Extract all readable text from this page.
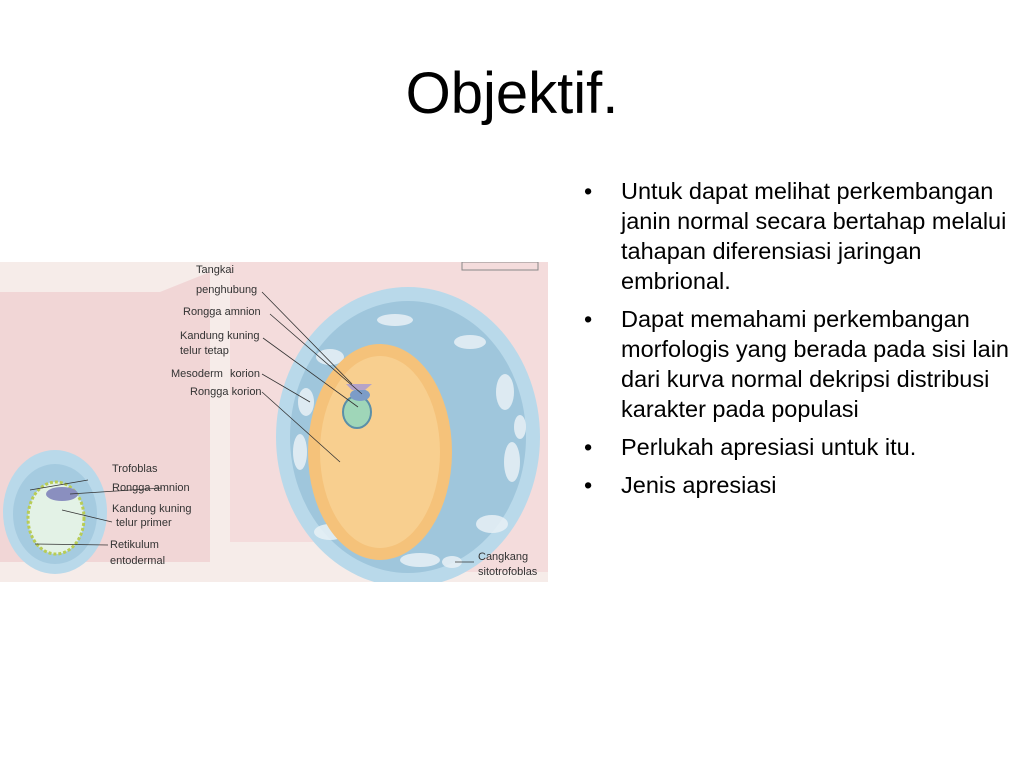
Objektif.
Tangkai
penghubung
Rongga amnion
Kandung kuning
telur tetap
Mesoderm korion
Rongga korion
Trofoblas
Rongga amnion
Kandung kuning
telur primer
Retikulum
entodermal	Cangkang
sitotrofoblas
• Untuk dapat melihat perkembangan janin normal secara bertahap melalui tahapan diferensiasi jaringan embrional.
• Dapat memahami perkembangan morfologis yang berada pada sisi lain dari kurva normal dekripsi distribusi karakter pada populasi
• Perlukah apresiasi untuk itu.
• Jenis apresiasi
